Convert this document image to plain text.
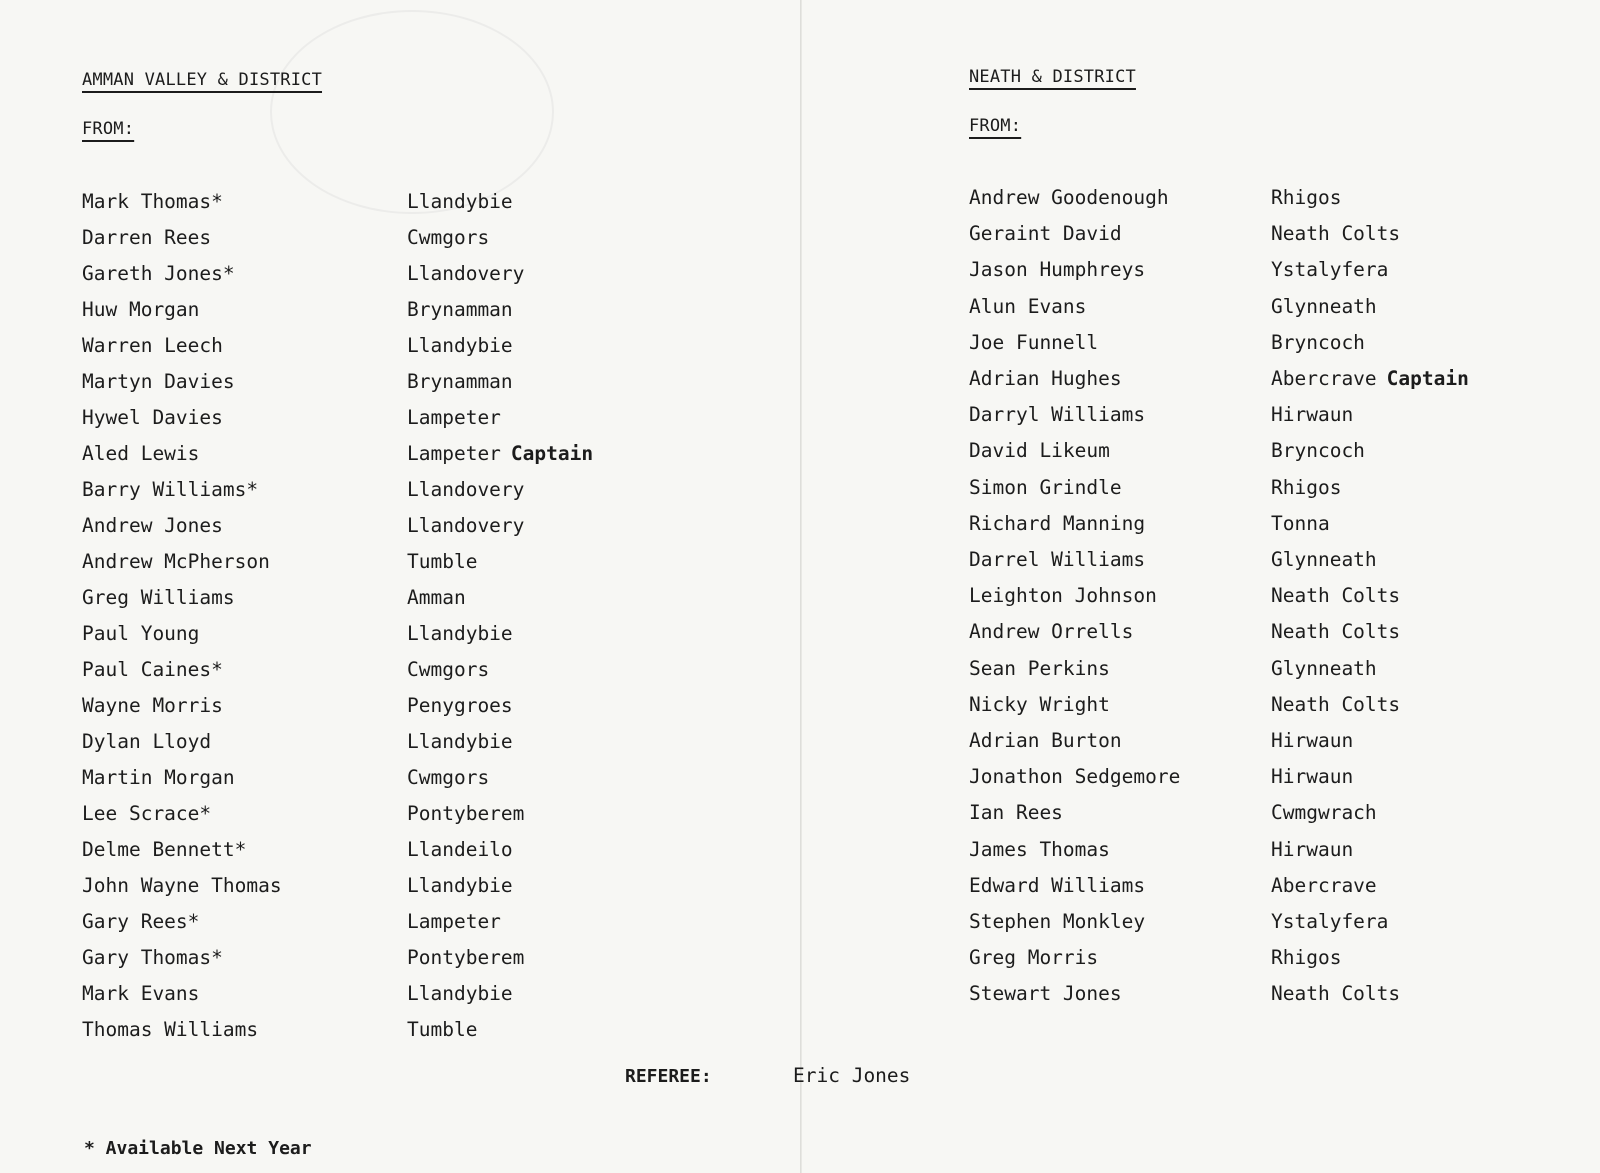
AMMAN VALLEY & DISTRICT
FROM:
Mark Thomas*	Llandybie
Darren Rees	Cwmgors
Gareth Jones*	Llandovery
Huw Morgan	Brynamman
Warren Leech	Llandybie
Martyn Davies	Brynamman
Hywel Davies	Lampeter
Aled Lewis	Lampeter Captain
Barry Williams*	Llandovery
Andrew Jones	Llandovery
Andrew McPherson	Tumble
Greg Williams	Amman
Paul Young	Llandybie
Paul Caines*	Cwmgors
Wayne Morris	Penygroes
Dylan Lloyd	Llandybie
Martin Morgan	Cwmgors
Lee Scrace*	Pontyberem
Delme Bennett*	Llandeilo
John Wayne Thomas	Llandybie
Gary Rees*	Lampeter
Gary Thomas*	Pontyberem
Mark Evans	Llandybie
Thomas Williams	Tumble
NEATH & DISTRICT
FROM:
Andrew Goodenough	Rhigos
Geraint David	Neath Colts
Jason Humphreys	Ystalyfera
Alun Evans	Glynneath
Joe Funnell	Bryncoch
Adrian Hughes	Abercrave Captain
Darryl Williams	Hirwaun
David Likeum	Bryncoch
Simon Grindle	Rhigos
Richard Manning	Tonna
Darrel Williams	Glynneath
Leighton Johnson	Neath Colts
Andrew Orrells	Neath Colts
Sean Perkins	Glynneath
Nicky Wright	Neath Colts
Adrian Burton	Hirwaun
Jonathon Sedgemore	Hirwaun
Ian Rees	Cwmgwrach
James Thomas	Hirwaun
Edward Williams	Abercrave
Stephen Monkley	Ystalyfera
Greg Morris	Rhigos
Stewart Jones	Neath Colts
REFEREE:	Eric Jones
* Available Next Year
